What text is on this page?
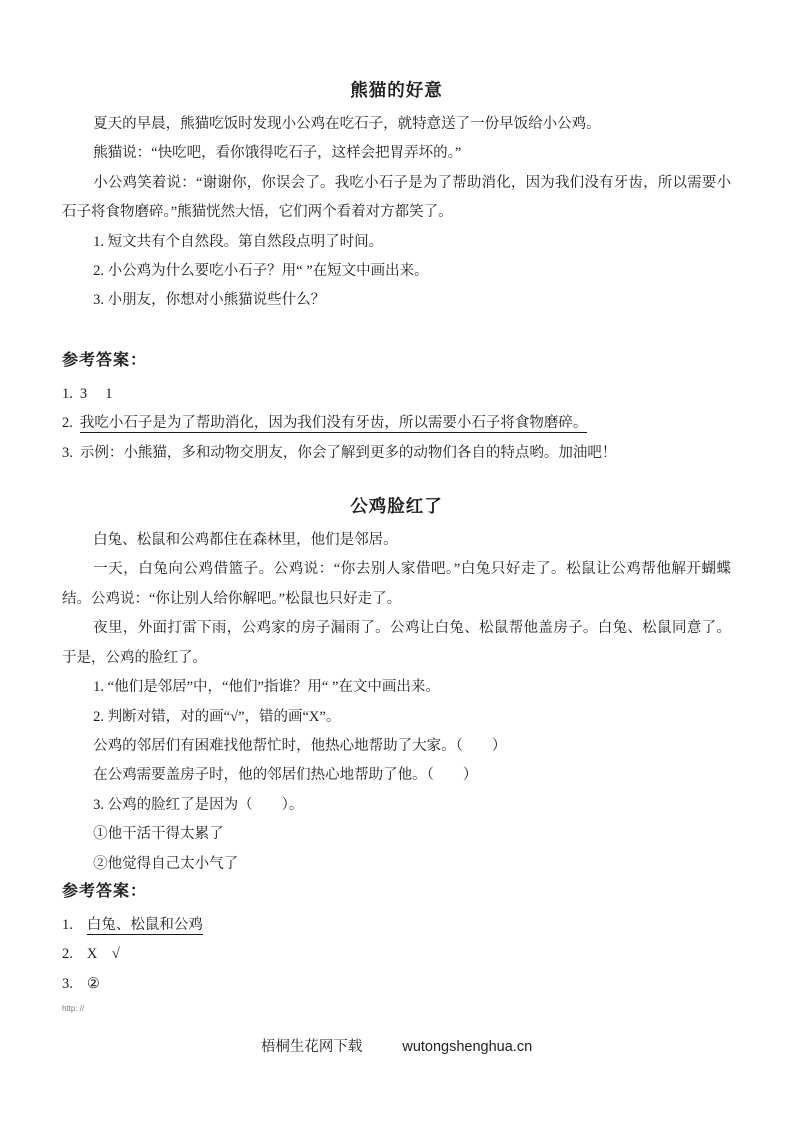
熊猫的好意

夏天的早晨，熊猫吃饭时发现小公鸡在吃石子，就特意送了一份早饭给小公鸡。

熊猫说：“快吃吧，看你饿得吃石子，这样会把胃弄坏的。”

小公鸡笑着说：“谢谢你，你误会了。我吃小石子是为了帮助消化，因为我们没有牙齿，所以需要小石子将食物磨碎。”熊猫恍然大悟，它们两个看着对方都笑了。

1. 短文共有个自然段。第自然段点明了时间。

2. 小公鸡为什么要吃小石子？用“ ”在短文中画出来。

3. 小朋友，你想对小熊猫说些什么？

参考答案：

1. 3　 1

2. 我吃小石子是为了帮助消化，因为我们没有牙齿，所以需要小石子将食物磨碎。

3. 示例：小熊猫，多和动物交朋友，你会了解到更多的动物们各自的特点哟。加油吧！

公鸡脸红了

白兔、松鼠和公鸡都住在森林里，他们是邻居。

一天，白兔向公鸡借篮子。公鸡说：“你去别人家借吧。”白兔只好走了。松鼠让公鸡帮他解开蝴蝶结。公鸡说：“你让别人给你解吧。”松鼠也只好走了。

夜里，外面打雷下雨，公鸡家的房子漏雨了。公鸡让白兔、松鼠帮他盖房子。白兔、松鼠同意了。于是，公鸡的脸红了。

1. “他们是邻居”中，“他们”指谁？用“ ”在文中画出来。

2. 判断对错，对的画“√”，错的画“X”。

公鸡的邻居们有困难找他帮忙时，他热心地帮助了大家。（　　）

在公鸡需要盖房子时，他的邻居们热心地帮助了他。（　　）

3. 公鸡的脸红了是因为（　　）。

①他干活干得太累了

②他觉得自己太小气了

参考答案：

1. 白兔、松鼠和公鸡

2. X　√

3. ②

http: //
梧桐生花网下载	wutongshenghua.cn
